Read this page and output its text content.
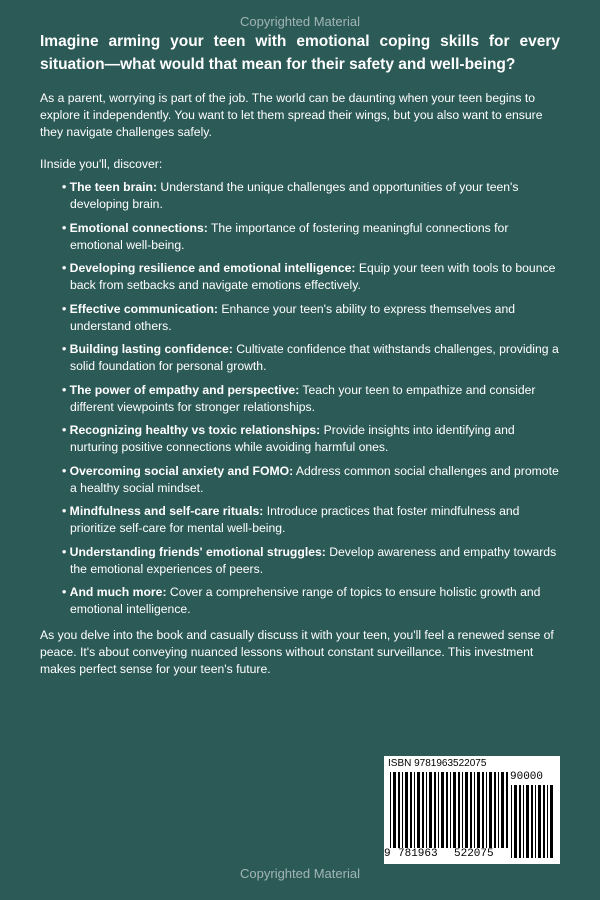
Copyrighted Material

Imagine arming your teen with emotional coping skills for every situation—what would that mean for their safety and well-being?

As a parent, worrying is part of the job. The world can be daunting when your teen begins to explore it independently. You want to let them spread their wings, but you also want to ensure they navigate challenges safely.

IInside you'll, discover:

• The teen brain: Understand the unique challenges and opportunities of your teen's developing brain.
• Emotional connections: The importance of fostering meaningful connections for emotional well-being.
• Developing resilience and emotional intelligence: Equip your teen with tools to bounce back from setbacks and navigate emotions effectively.
• Effective communication: Enhance your teen's ability to express themselves and understand others.
• Building lasting confidence: Cultivate confidence that withstands challenges, providing a solid foundation for personal growth.
• The power of empathy and perspective: Teach your teen to empathize and consider different viewpoints for stronger relationships.
• Recognizing healthy vs toxic relationships: Provide insights into identifying and nurturing positive connections while avoiding harmful ones.
• Overcoming social anxiety and FOMO: Address common social challenges and promote a healthy social mindset.
• Mindfulness and self-care rituals: Introduce practices that foster mindfulness and prioritize self-care for mental well-being.
• Understanding friends' emotional struggles: Develop awareness and empathy towards the emotional experiences of peers.
• And much more: Cover a comprehensive range of topics to ensure holistic growth and emotional intelligence.

As you delve into the book and casually discuss it with your teen, you'll feel a renewed sense of peace. It's about conveying nuanced lessons without constant surveillance. This investment makes perfect sense for your teen's future.

ISBN 9781963522075
90000
9 781963 522075
Copyrighted Material
